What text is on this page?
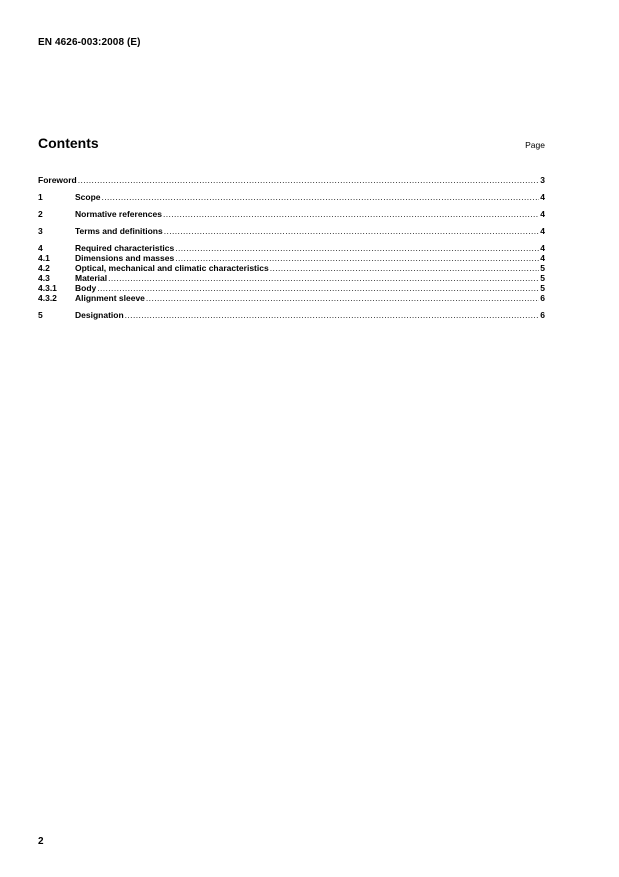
EN 4626-003:2008 (E)
Contents	Page
Foreword .....	3
1	Scope .....	4
2	Normative references .....	4
3	Terms and definitions .....	4
4	Required characteristics .....	4
4.1	Dimensions and masses .....	4
4.2	Optical, mechanical and climatic characteristics .....	5
4.3	Material .....	5
4.3.1	Body .....	5
4.3.2	Alignment sleeve .....	6
5	Designation .....	6
2
